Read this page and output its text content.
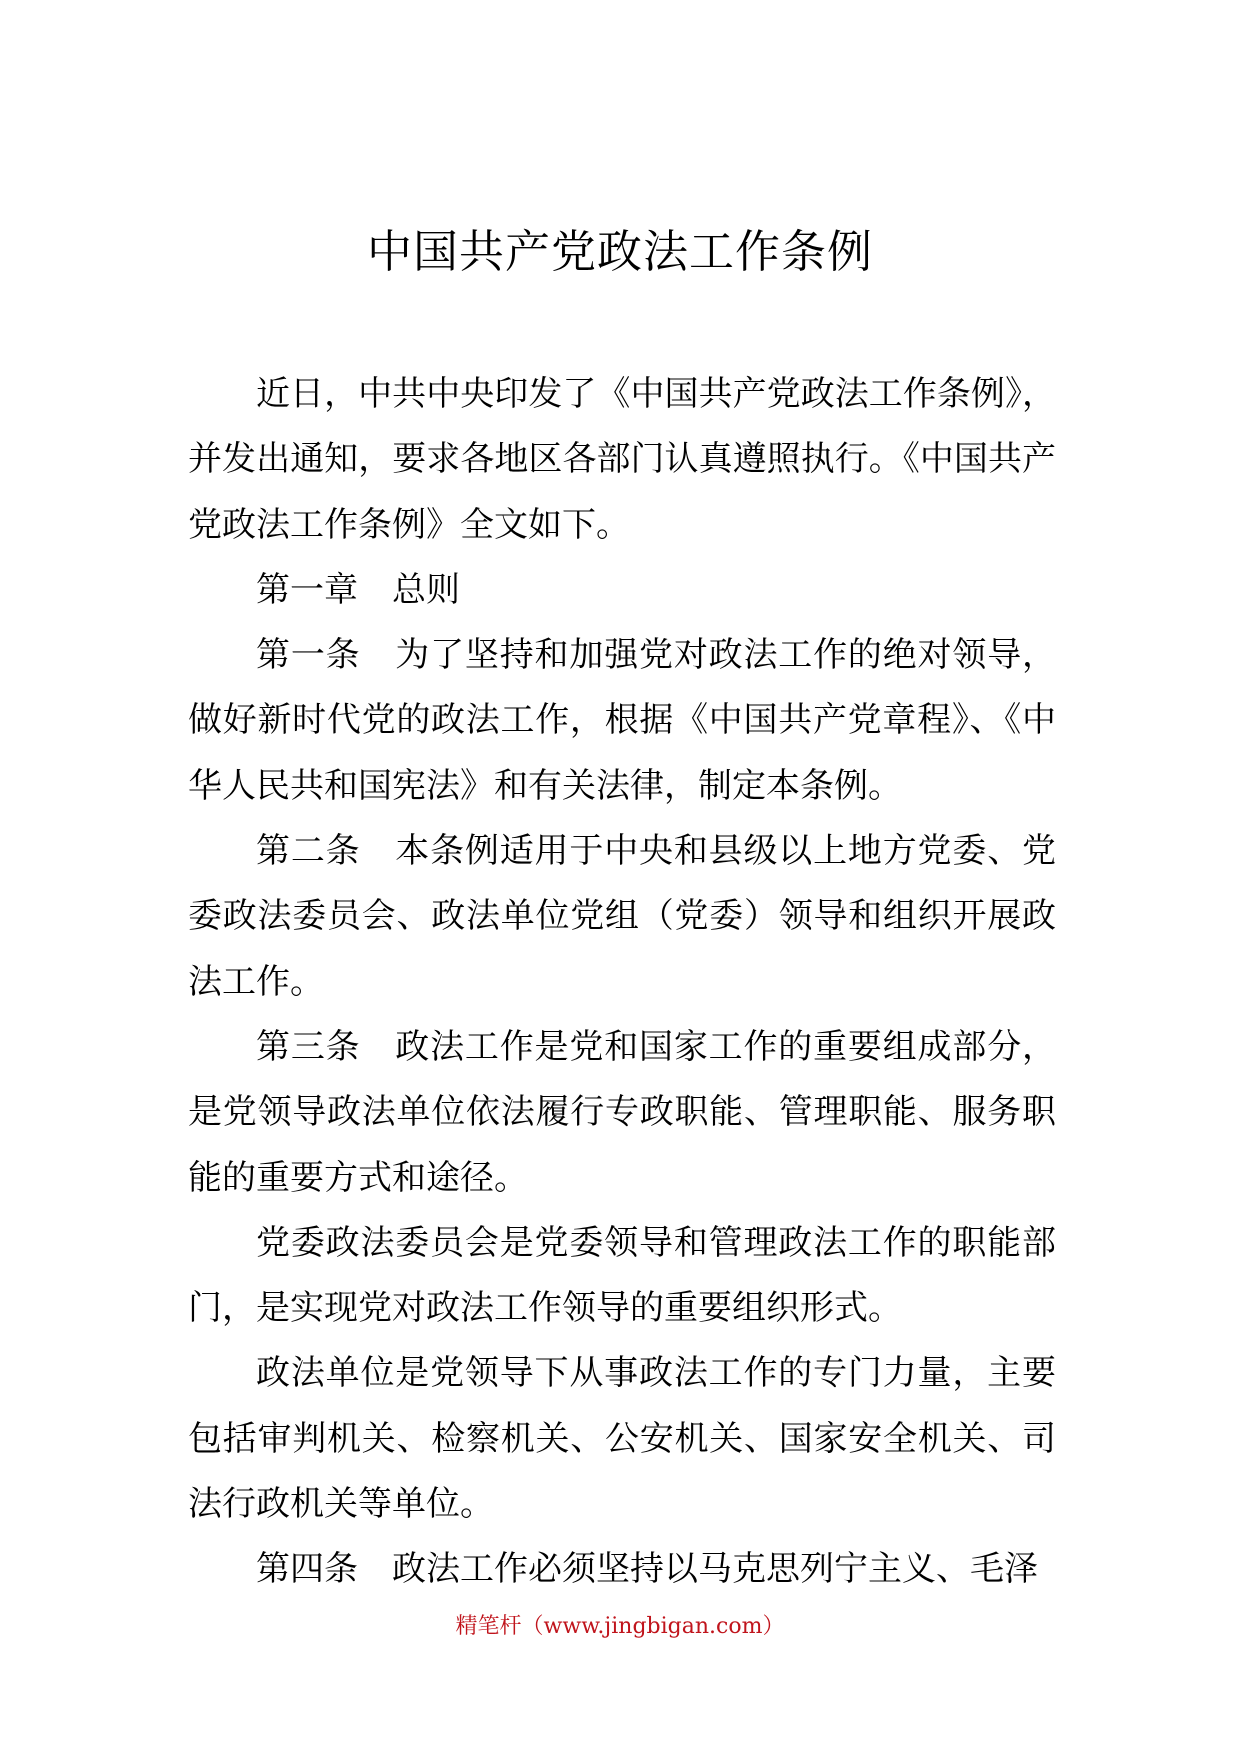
中国共产党政法工作条例

近日，中共中央印发了《中国共产党政法工作条例》，并发出通知，要求各地区各部门认真遵照执行。《中国共产党政法工作条例》全文如下。

第一章 总则

第一条 为了坚持和加强党对政法工作的绝对领导，做好新时代党的政法工作，根据《中国共产党章程》、《中华人民共和国宪法》和有关法律，制定本条例。

第二条 本条例适用于中央和县级以上地方党委、党委政法委员会、政法单位党组（党委）领导和组织开展政法工作。

第三条 政法工作是党和国家工作的重要组成部分，是党领导政法单位依法履行专政职能、管理职能、服务职能的重要方式和途径。

党委政法委员会是党委领导和管理政法工作的职能部门，是实现党对政法工作领导的重要组织形式。

政法单位是党领导下从事政法工作的专门力量，主要包括审判机关、检察机关、公安机关、国家安全机关、司法行政机关等单位。

第四条 政法工作必须坚持以马克思列宁主义、毛泽

精笔杆（www.jingbigan.com）
